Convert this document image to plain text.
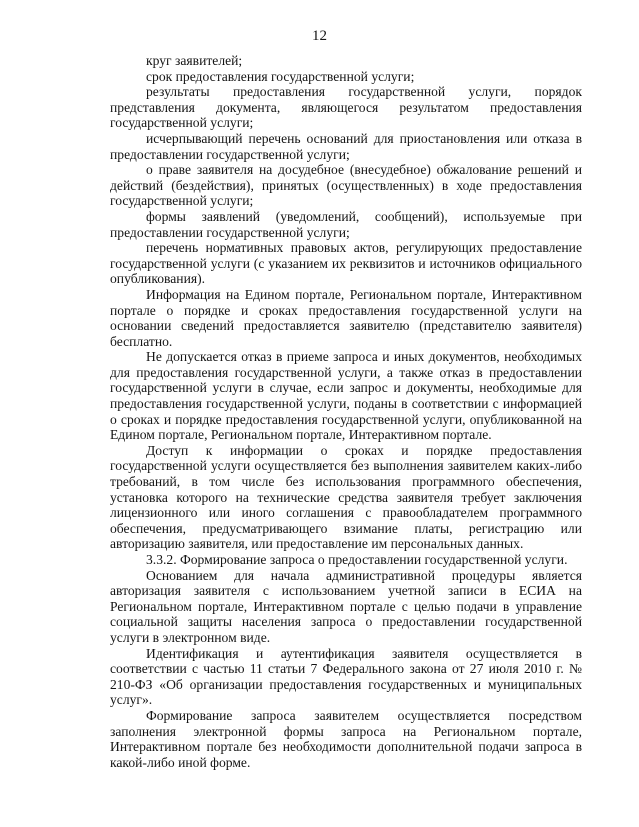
12

круг заявителей;

срок предоставления государственной услуги;

результаты предоставления государственной услуги, порядок представления документа, являющегося результатом предоставления государственной услуги;

исчерпывающий перечень оснований для приостановления или отказа в предоставлении государственной услуги;

о праве заявителя на досудебное (внесудебное) обжалование решений и действий (бездействия), принятых (осуществленных) в ходе предоставления государственной услуги;

формы заявлений (уведомлений, сообщений), используемые при предоставлении государственной услуги;

перечень нормативных правовых актов, регулирующих предоставление государственной услуги (с указанием их реквизитов и источников официального опубликования).

Информация на Едином портале, Региональном портале, Интерактивном портале о порядке и сроках предоставления государственной услуги на основании сведений предоставляется заявителю (представителю заявителя) бесплатно.

Не допускается отказ в приеме запроса и иных документов, необходимых для предоставления государственной услуги, а также отказ в предоставлении государственной услуги в случае, если запрос и документы, необходимые для предоставления государственной услуги, поданы в соответствии с информацией о сроках и порядке предоставления государственной услуги, опубликованной на Едином портале, Региональном портале, Интерактивном портале.

Доступ к информации о сроках и порядке предоставления государственной услуги осуществляется без выполнения заявителем каких-либо требований, в том числе без использования программного обеспечения, установка которого на технические средства заявителя требует заключения лицензионного или иного соглашения с правообладателем программного обеспечения, предусматривающего взимание платы, регистрацию или авторизацию заявителя, или предоставление им персональных данных.

3.3.2. Формирование запроса о предоставлении государственной услуги.

Основанием для начала административной процедуры является авторизация заявителя с использованием учетной записи в ЕСИА на Региональном портале, Интерактивном портале с целью подачи в управление социальной защиты населения запроса о предоставлении государственной услуги в электронном виде.

Идентификация и аутентификация заявителя осуществляется в соответствии с частью 11 статьи 7 Федерального закона от 27 июля 2010 г. № 210-ФЗ «Об организации предоставления государственных и муниципальных услуг».

Формирование запроса заявителем осуществляется посредством заполнения электронной формы запроса на Региональном портале, Интерактивном портале без необходимости дополнительной подачи запроса в какой-либо иной форме.
